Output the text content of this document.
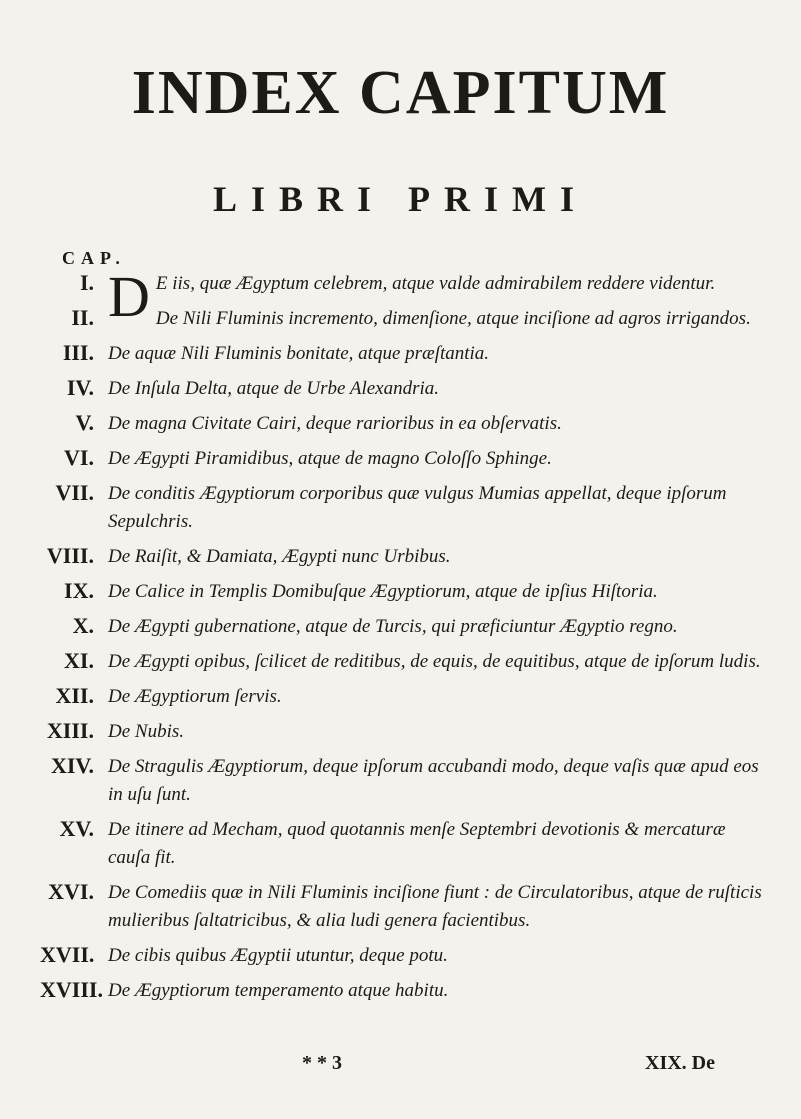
INDEX CAPITUM
LIBRI PRIMI
CAP.
I. D E iis, quæ Ægyptum celebrem, atque valde admirabilem reddere videntur.
II.	De Nili Fluminis incremento, dimenſione, atque inciſione ad agros irrigandos.
III. De aquæ Nili Fluminis bonitate, atque præſtantia.
IV. De Inſula Delta, atque de Urbe Alexandria.
V. De magna Civitate Cairi, deque rarioribus in ea obſervatis.
VI. De Ægypti Piramidibus, atque de magno Coloſſo Sphinge.
VII. De conditis Ægyptiorum corporibus quæ vulgus Mumias appellat, deque ipſorum Sepulchris.
VIII. De Raiſit, & Damiata, Ægypti nunc Urbibus.
IX. De Calice in Templis Domibuſque Ægyptiorum, atque de ipſius Hiſtoria.
X. De Ægypti gubernatione, atque de Turcis, qui præficiuntur Ægyptio regno.
XI. De Ægypti opibus, ſcilicet de reditibus, de equis, de equitibus, atque de ipſorum ludis.
XII. De Ægyptiorum ſervis.
XIII. De Nubis.
XIV. De Stragulis Ægyptiorum, deque ipſorum accubandi modo, deque vaſis quæ apud eos in uſu ſunt.
XV. De itinere ad Mecham, quod quotannis menſe Septembri devotionis & mercaturæ cauſa fit.
XVI. De Comediis quæ in Nili Fluminis inciſione fiunt : de Circulatoribus, atque de ruſticis mulieribus ſaltatricibus, & alia ludi genera facientibus.
XVII. De cibis quibus Ægyptii utuntur, deque potu.
XVIII. De Ægyptiorum temperamento atque habitu.
* * 3	XIX. De
